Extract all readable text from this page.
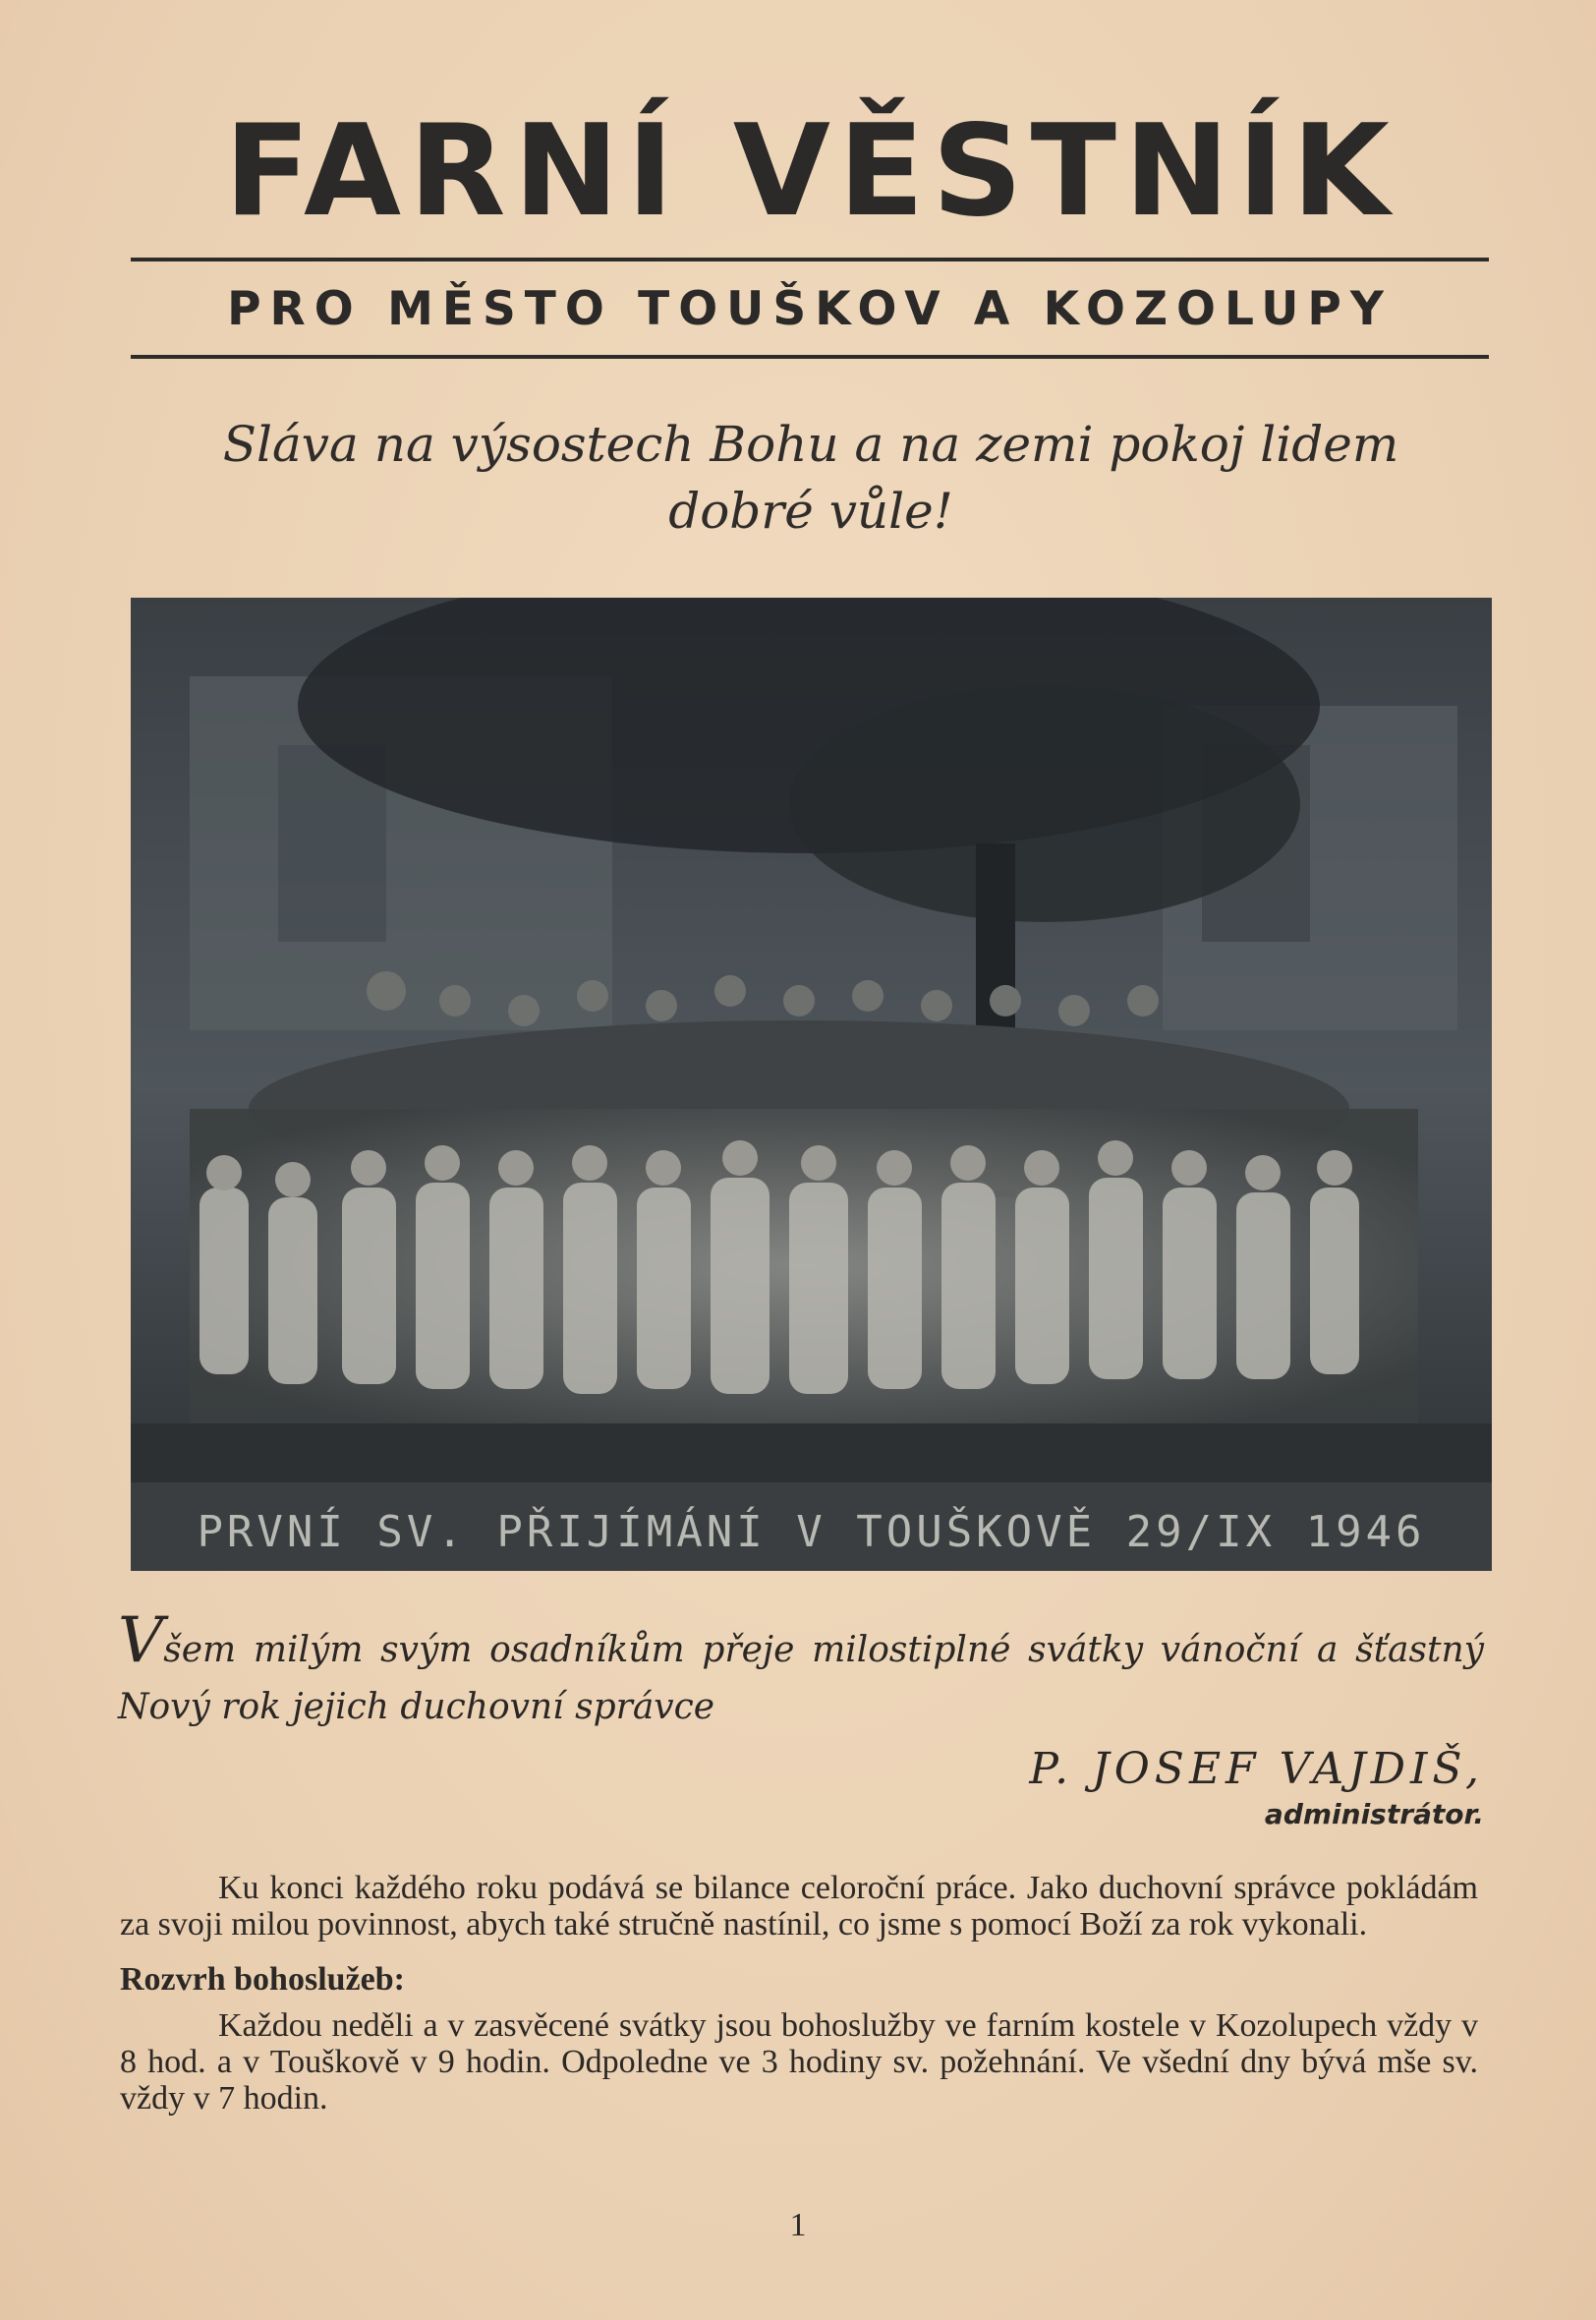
FARNÍ VĚSTNÍK
PRO MĚSTO TOUŠKOV A KOZOLUPY
Sláva na výsostech Bohu a na zemi pokoj lidem
dobré vůle!
PRVNÍ SV. PŘIJÍMÁNÍ V TOUŠKOVĚ 29/IX 1946
Všem milým svým osadníkům přeje milostiplné svátky vánoční a šťastný Nový rok jejich duchovní správce
P. JOSEF VAJDIŠ,
administrátor.

Ku konci každého roku podává se bilance celoroční práce. Jako duchovní správce pokládám za svoji milou povinnost, abych také stručně nastínil, co jsme s pomocí Boží za rok vykonali.

Rozvrh bohoslužeb:

Každou neděli a v zasvěcené svátky jsou bohoslužby ve farním kostele v Kozolupech vždy v 8 hod. a v Touškově v 9 hodin. Odpoledne ve 3 hodiny sv. požehnání. Ve všední dny bývá mše sv. vždy v 7 hodin.

1
